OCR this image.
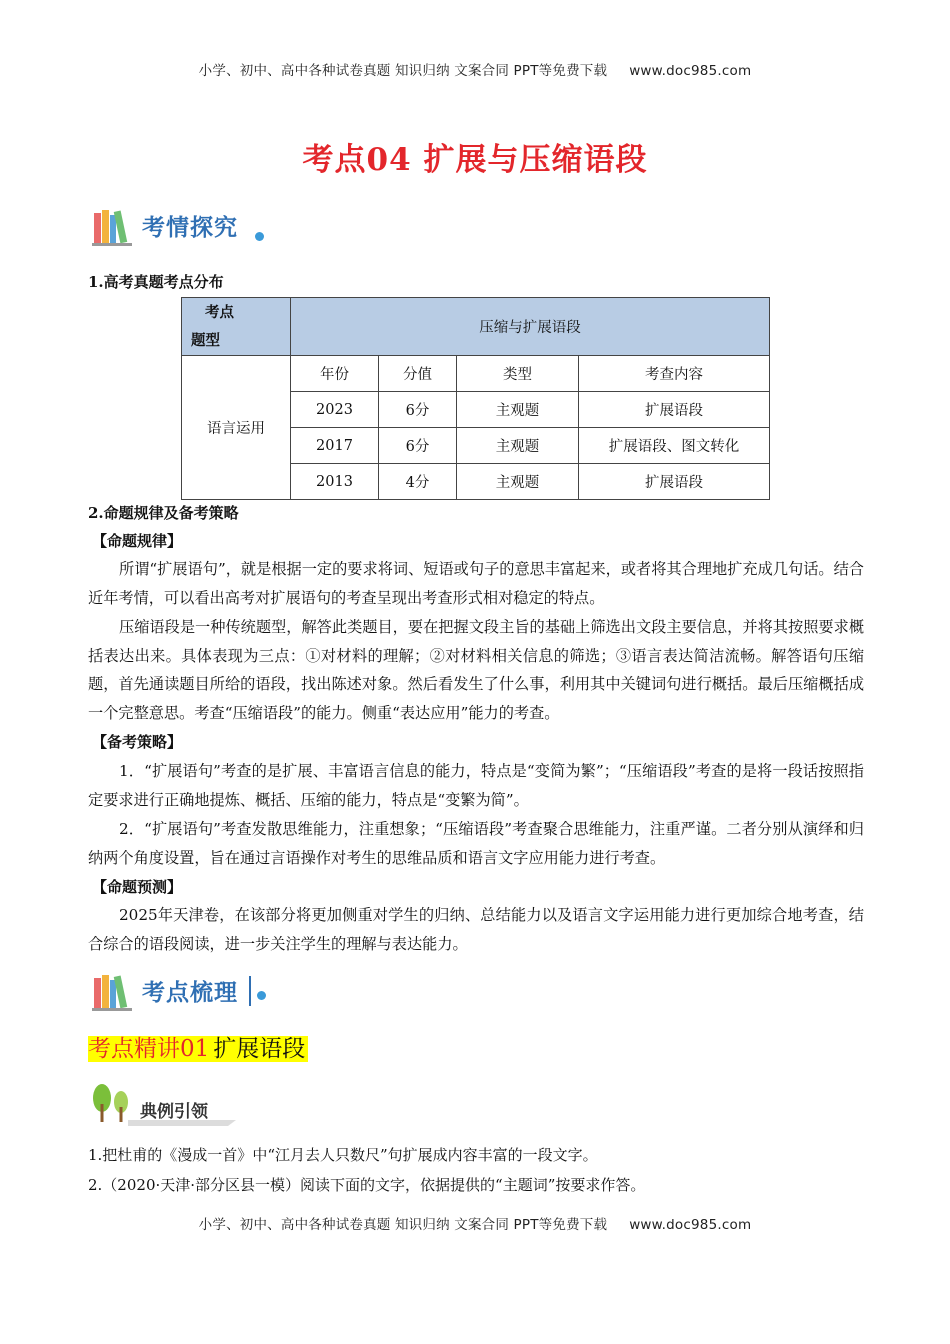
小学、初中、高中各种试卷真题 知识归纳 文案合同 PPT等免费下载 www.doc985.com
考点04 扩展与压缩语段
考情探究
1.高考真题考点分布
考点
题型	压缩与扩展语段			
语言运用	年份	分值	类型	考查内容
	2023	6分	主观题	扩展语段
	2017	6分	主观题	扩展语段、图文转化
	2013	4分	主观题	扩展语段
2.命题规律及备考策略
【命题规律】

所谓“扩展语句”，就是根据一定的要求将词、短语或句子的意思丰富起来，或者将其合理地扩充成几句话。结合近年考情，可以看出高考对扩展语句的考查呈现出考查形式相对稳定的特点。

压缩语段是一种传统题型，解答此类题目，要在把握文段主旨的基础上筛选出文段主要信息，并将其按照要求概括表达出来。具体表现为三点：①对材料的理解；②对材料相关信息的筛选；③语言表达简洁流畅。解答语句压缩题，首先通读题目所给的语段，找出陈述对象。然后看发生了什么事，利用其中关键词句进行概括。最后压缩概括成一个完整意思。考查“压缩语段”的能力。侧重“表达应用”能力的考查。

【备考策略】

1．“扩展语句”考查的是扩展、丰富语言信息的能力，特点是“变简为繁”；“压缩语段”考查的是将一段话按照指定要求进行正确地提炼、概括、压缩的能力，特点是“变繁为简”。

2．“扩展语句”考查发散思维能力，注重想象；“压缩语段”考查聚合思维能力，注重严谨。二者分别从演绎和归纳两个角度设置，旨在通过言语操作对考生的思维品质和语言文字应用能力进行考查。

【命题预测】

2025年天津卷，在该部分将更加侧重对学生的归纳、总结能力以及语言文字运用能力进行更加综合地考查，结合综合的语段阅读，进一步关注学生的理解与表达能力。

考点梳理
考点精讲01 扩展语段
典例引领
1.把杜甫的《漫成一首》中“江月去人只数尺”句扩展成内容丰富的一段文字。
2.（2020·天津·部分区县一模）阅读下面的文字，依据提供的“主题词”按要求作答。
小学、初中、高中各种试卷真题 知识归纳 文案合同 PPT等免费下载 www.doc985.com
